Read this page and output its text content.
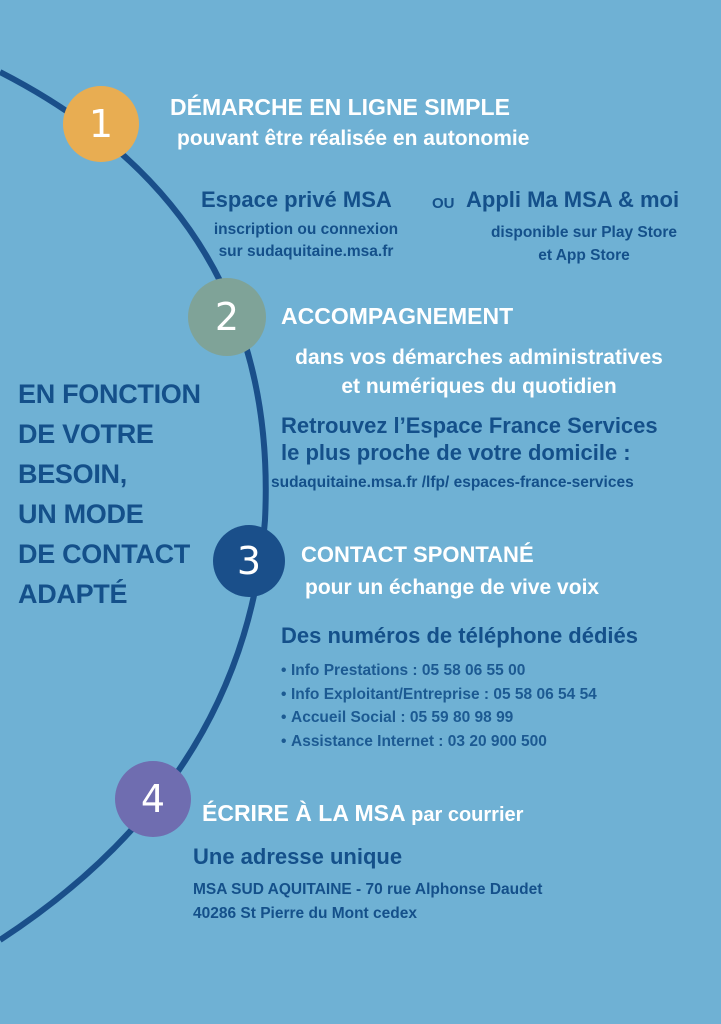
EN FONCTION
DE VOTRE
BESOIN,
UN MODE
DE CONTACT
ADAPTÉ
1 DÉMARCHE EN LIGNE SIMPLE
pouvant être réalisée en autonomie
Espace privé MSA
inscription ou connexion
sur sudaquitaine.msa.fr
OU Appli Ma MSA & moi
disponible sur Play Store
et App Store
2 ACCOMPAGNEMENT
dans vos démarches administratives
et numériques du quotidien
Retrouvez l’Espace France Services
le plus proche de votre domicile :
sudaquitaine.msa.fr /lfp/ espaces-france-services
3 CONTACT SPONTANÉ
pour un échange de vive voix
Des numéros de téléphone dédiés
• Info Prestations : 05 58 06 55 00
• Info Exploitant/Entreprise : 05 58 06 54 54
• Accueil Social : 05 59 80 98 99
• Assistance Internet : 03 20 900 500
4 ÉCRIRE À LA MSA par courrier
Une adresse unique
MSA SUD AQUITAINE - 70 rue Alphonse Daudet
40286 St Pierre du Mont cedex
